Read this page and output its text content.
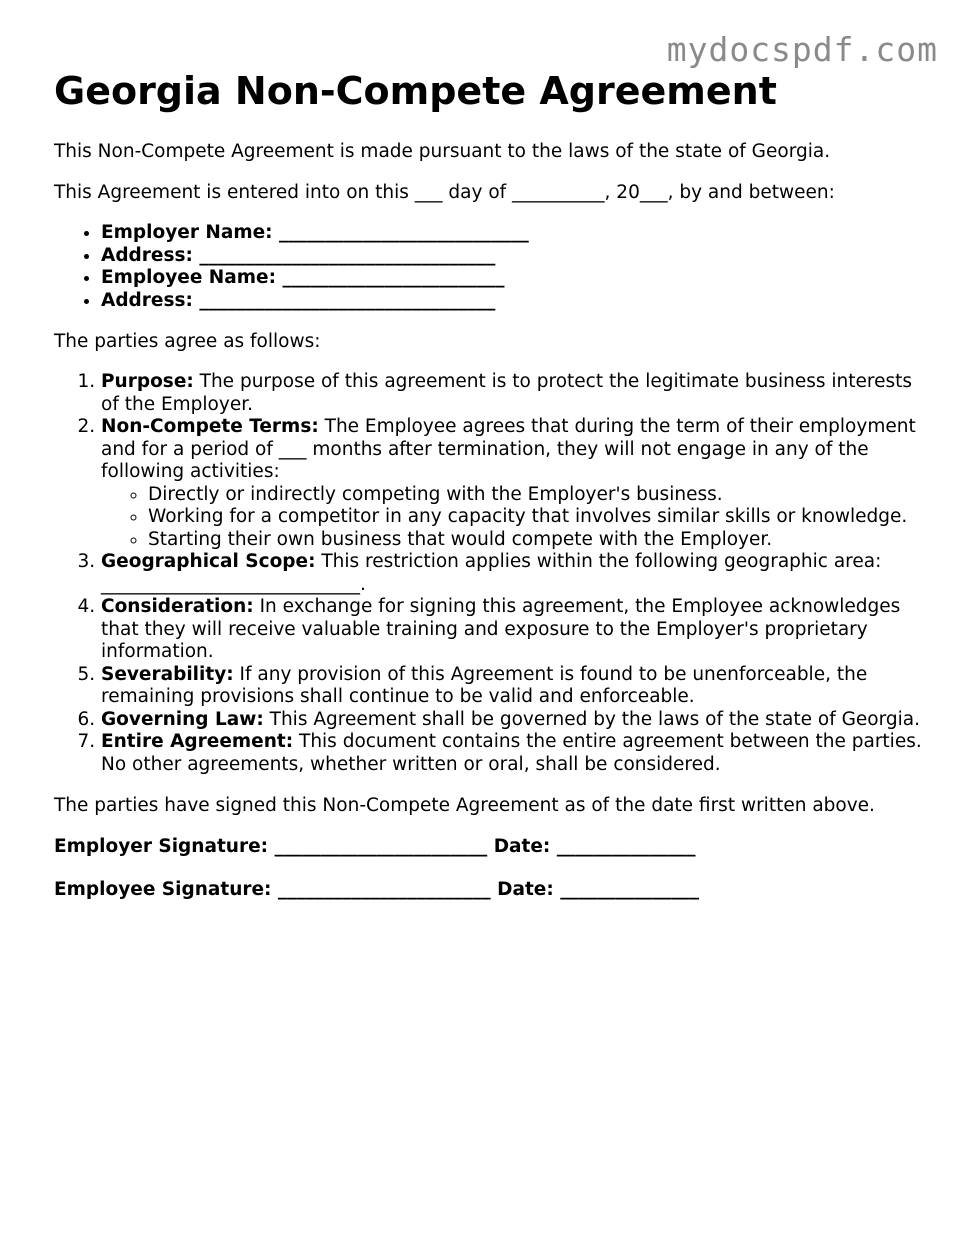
mydocspdf.com
Georgia Non-Compete Agreement

This Non-Compete Agreement is made pursuant to the laws of the state of Georgia.

This Agreement is entered into on this ___ day of __________, 20___, by and between:

• Employer Name: ___________________________
• Address: ________________________________
• Employee Name: ________________________
• Address: ________________________________

The parties agree as follows:

1. Purpose: The purpose of this agreement is to protect the legitimate business interests of the Employer.
2. Non-Compete Terms: The Employee agrees that during the term of their employment and for a period of ___ months after termination, they will not engage in any of the following activities:
◦ Directly or indirectly competing with the Employer's business.
◦ Working for a competitor in any capacity that involves similar skills or knowledge.
◦ Starting their own business that would compete with the Employer.
3. Geographical Scope: This restriction applies within the following geographic area: ____________________________.
4. Consideration: In exchange for signing this agreement, the Employee acknowledges that they will receive valuable training and exposure to the Employer's proprietary information.
5. Severability: If any provision of this Agreement is found to be unenforceable, the remaining provisions shall continue to be valid and enforceable.
6. Governing Law: This Agreement shall be governed by the laws of the state of Georgia.
7. Entire Agreement: This document contains the entire agreement between the parties. No other agreements, whether written or oral, shall be considered.

The parties have signed this Non-Compete Agreement as of the date first written above.

Employer Signature: _______________________ Date: _______________

Employee Signature: _______________________ Date: _______________
